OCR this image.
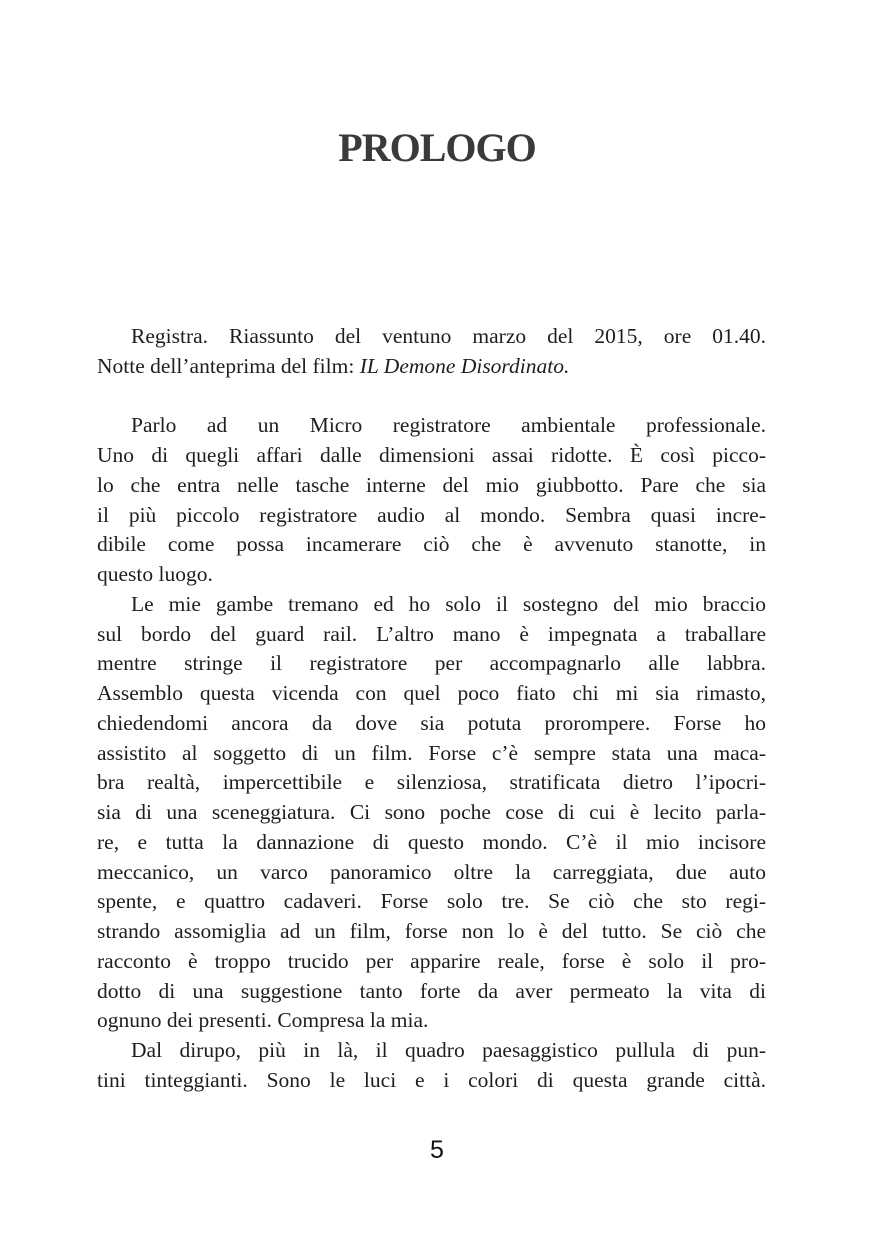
PROLOGO
Registra. Riassunto del ventuno marzo del 2015, ore 01.40.
Notte dell’anteprima del film: IL Demone Disordinato.
Parlo ad un Micro registratore ambientale professionale.
Uno di quegli affari dalle dimensioni assai ridotte. È così picco-
lo che entra nelle tasche interne del mio giubbotto. Pare che sia
il più piccolo registratore audio al mondo. Sembra quasi incre-
dibile come possa incamerare ciò che è avvenuto stanotte, in
questo luogo.
Le mie gambe tremano ed ho solo il sostegno del mio braccio
sul bordo del guard rail. L’altro mano è impegnata a traballare
mentre stringe il registratore per accompagnarlo alle labbra.
Assemblo questa vicenda con quel poco fiato chi mi sia rimasto,
chiedendomi ancora da dove sia potuta prorompere. Forse ho
assistito al soggetto di un film. Forse c’è sempre stata una maca-
bra realtà, impercettibile e silenziosa, stratificata dietro l’ipocri-
sia di una sceneggiatura. Ci sono poche cose di cui è lecito parla-
re, e tutta la dannazione di questo mondo. C’è il mio incisore
meccanico, un varco panoramico oltre la carreggiata, due auto
spente, e quattro cadaveri. Forse solo tre. Se ciò che sto regi-
strando assomiglia ad un film, forse non lo è del tutto. Se ciò che
racconto è troppo trucido per apparire reale, forse è solo il pro-
dotto di una suggestione tanto forte da aver permeato la vita di
ognuno dei presenti. Compresa la mia.
Dal dirupo, più in là, il quadro paesaggistico pullula di pun-
tini tinteggianti. Sono le luci e i colori di questa grande città.
5
